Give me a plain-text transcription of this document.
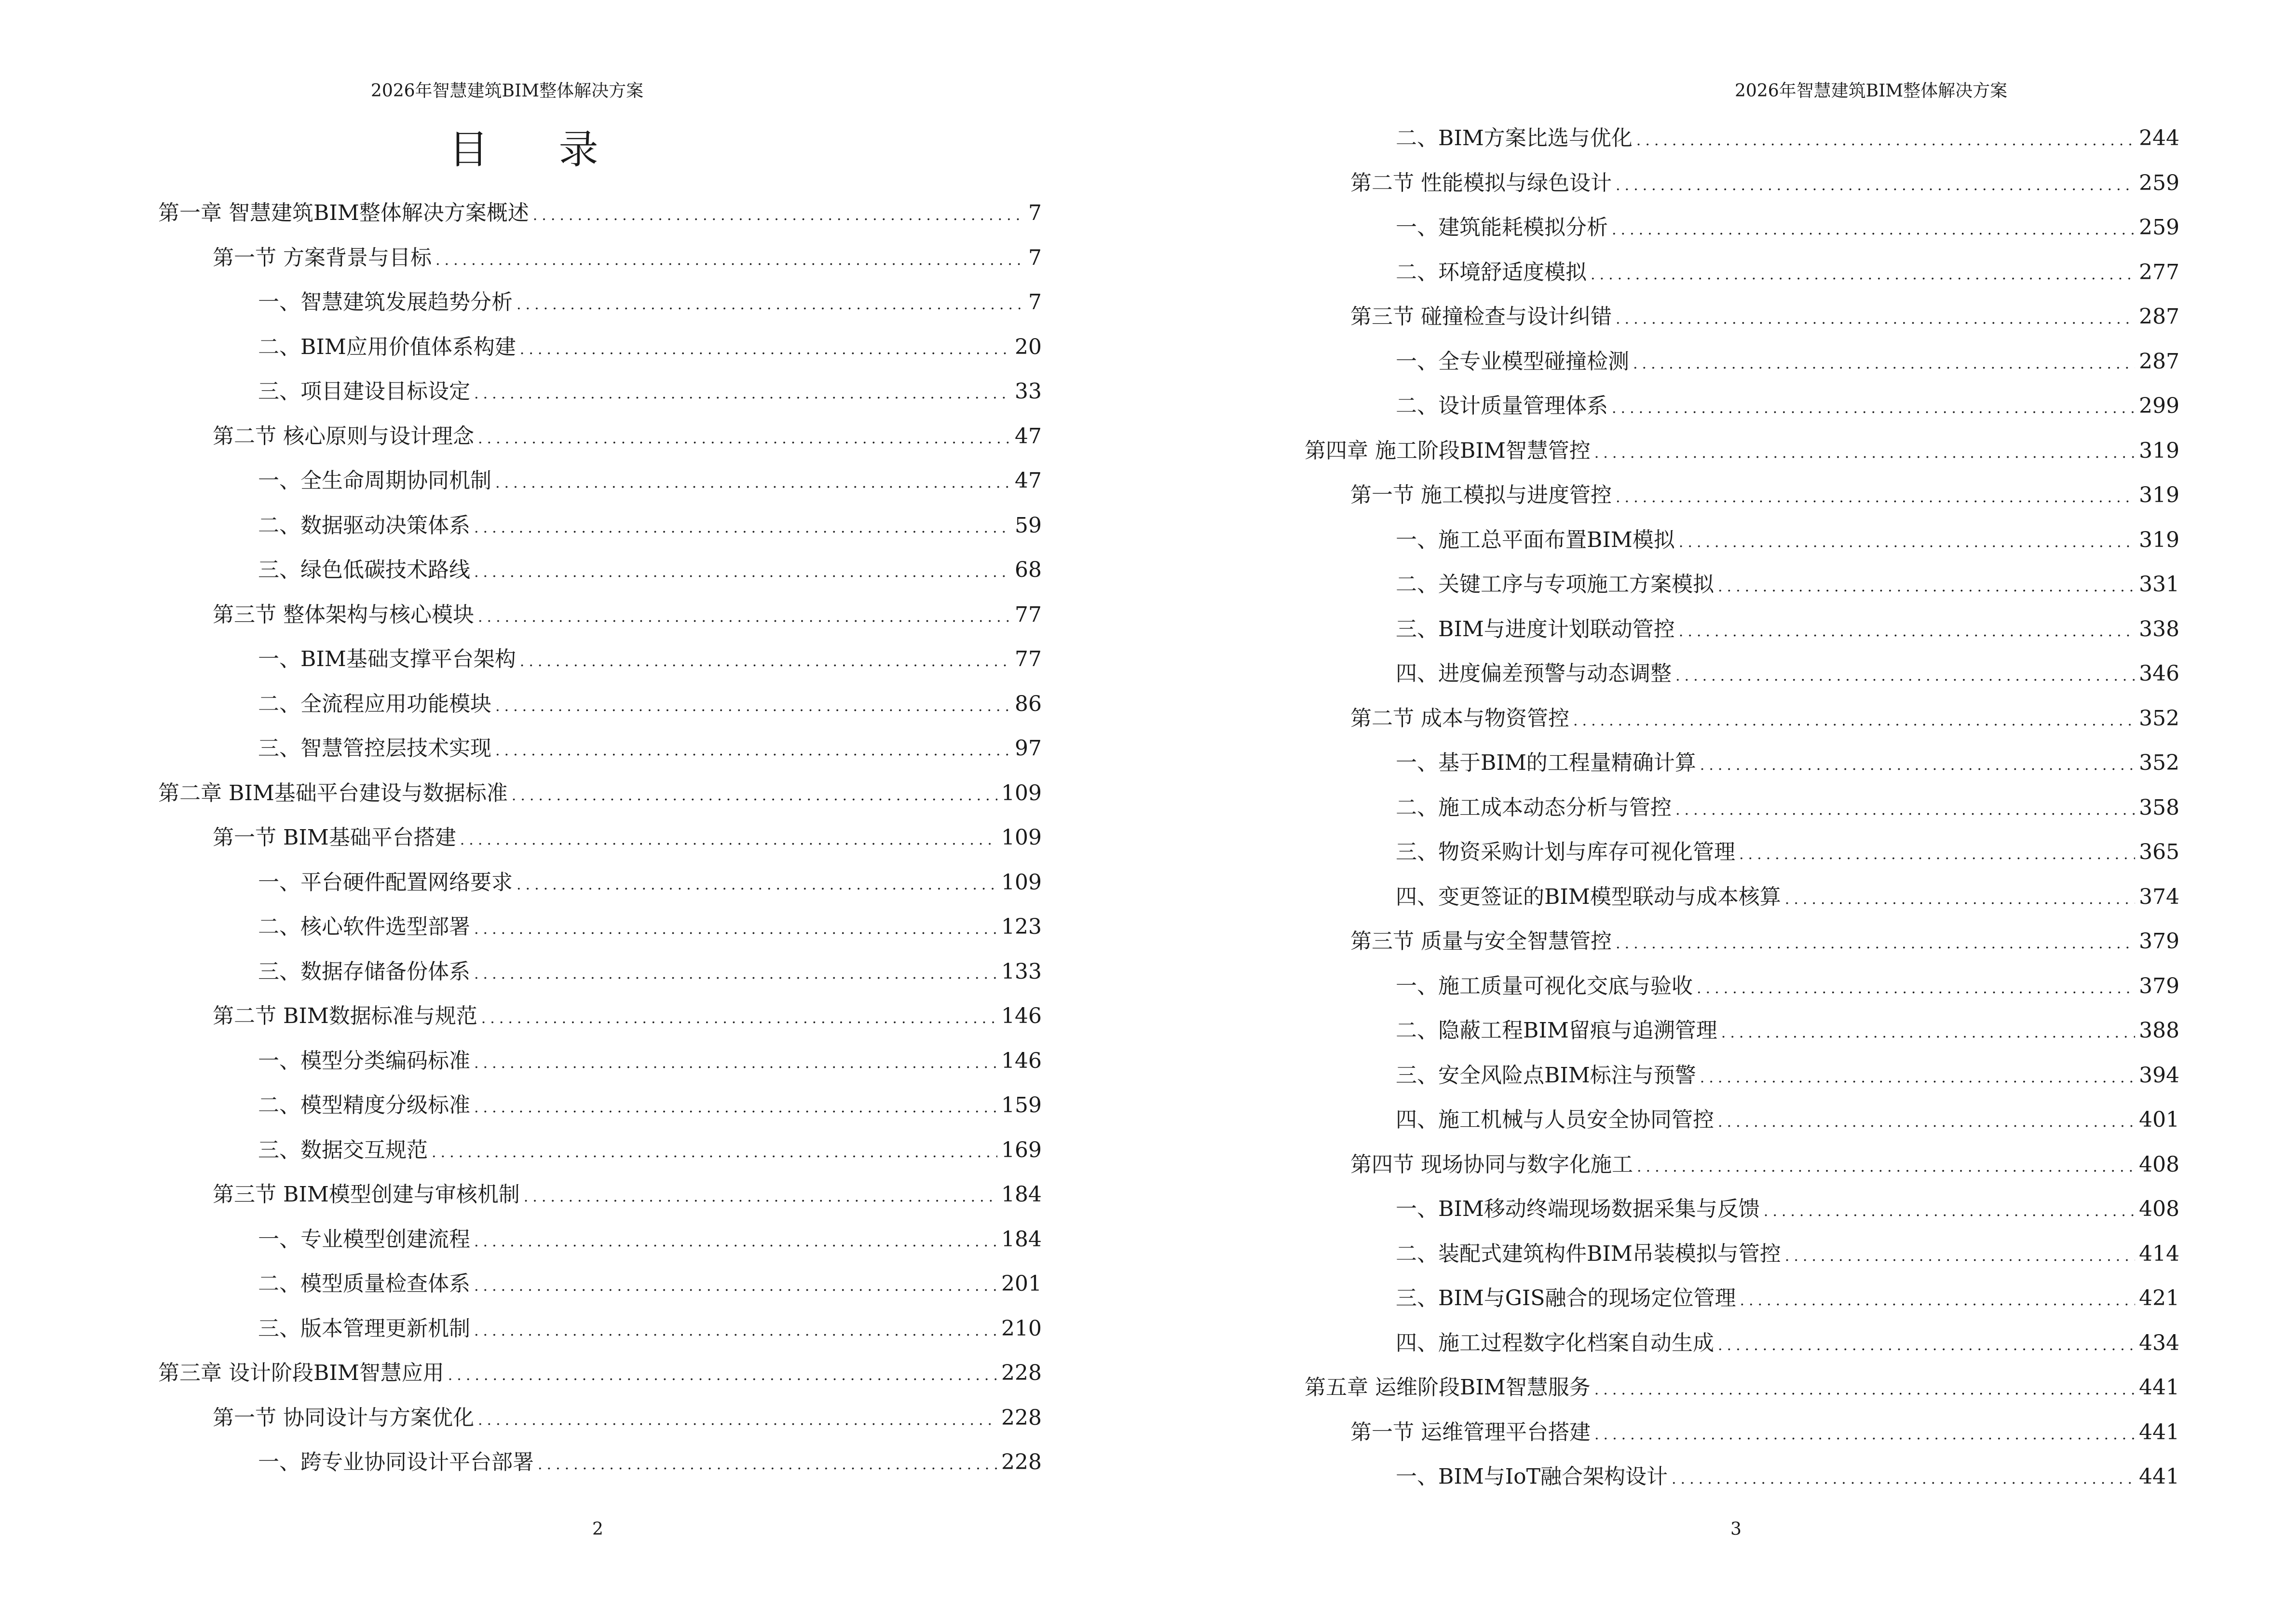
2026年智慧建筑BIM整体解决方案
目 录
第一章 智慧建筑BIM整体解决方案概述 .....	7
第一节 方案背景与目标 .....	7
一、智慧建筑发展趋势分析 .....	7
二、BIM应用价值体系构建 .....	20
三、项目建设目标设定 .....	33
第二节 核心原则与设计理念 .....	47
一、全生命周期协同机制 .....	47
二、数据驱动决策体系 .....	59
三、绿色低碳技术路线 .....	68
第三节 整体架构与核心模块 .....	77
一、BIM基础支撑平台架构 .....	77
二、全流程应用功能模块 .....	86
三、智慧管控层技术实现 .....	97
第二章 BIM基础平台建设与数据标准 .....	109
第一节 BIM基础平台搭建 .....	109
一、平台硬件配置网络要求 .....	109
二、核心软件选型部署 .....	123
三、数据存储备份体系 .....	133
第二节 BIM数据标准与规范 .....	146
一、模型分类编码标准 .....	146
二、模型精度分级标准 .....	159
三、数据交互规范 .....	169
第三节 BIM模型创建与审核机制 .....	184
一、专业模型创建流程 .....	184
二、模型质量检查体系 .....	201
三、版本管理更新机制 .....	210
第三章 设计阶段BIM智慧应用 .....	228
第一节 协同设计与方案优化 .....	228
一、跨专业协同设计平台部署 .....	228
2
2026年智慧建筑BIM整体解决方案
二、BIM方案比选与优化 .....	244
第二节 性能模拟与绿色设计 .....	259
一、建筑能耗模拟分析 .....	259
二、环境舒适度模拟 .....	277
第三节 碰撞检查与设计纠错 .....	287
一、全专业模型碰撞检测 .....	287
二、设计质量管理体系 .....	299
第四章 施工阶段BIM智慧管控 .....	319
第一节 施工模拟与进度管控 .....	319
一、施工总平面布置BIM模拟 .....	319
二、关键工序与专项施工方案模拟 .....	331
三、BIM与进度计划联动管控 .....	338
四、进度偏差预警与动态调整 .....	346
第二节 成本与物资管控 .....	352
一、基于BIM的工程量精确计算 .....	352
二、施工成本动态分析与管控 .....	358
三、物资采购计划与库存可视化管理 .....	365
四、变更签证的BIM模型联动与成本核算 .....	374
第三节 质量与安全智慧管控 .....	379
一、施工质量可视化交底与验收 .....	379
二、隐蔽工程BIM留痕与追溯管理 .....	388
三、安全风险点BIM标注与预警 .....	394
四、施工机械与人员安全协同管控 .....	401
第四节 现场协同与数字化施工 .....	408
一、BIM移动终端现场数据采集与反馈 .....	408
二、装配式建筑构件BIM吊装模拟与管控 .....	414
三、BIM与GIS融合的现场定位管理 .....	421
四、施工过程数字化档案自动生成 .....	434
第五章 运维阶段BIM智慧服务 .....	441
第一节 运维管理平台搭建 .....	441
一、BIM与IoT融合架构设计 .....	441
3
